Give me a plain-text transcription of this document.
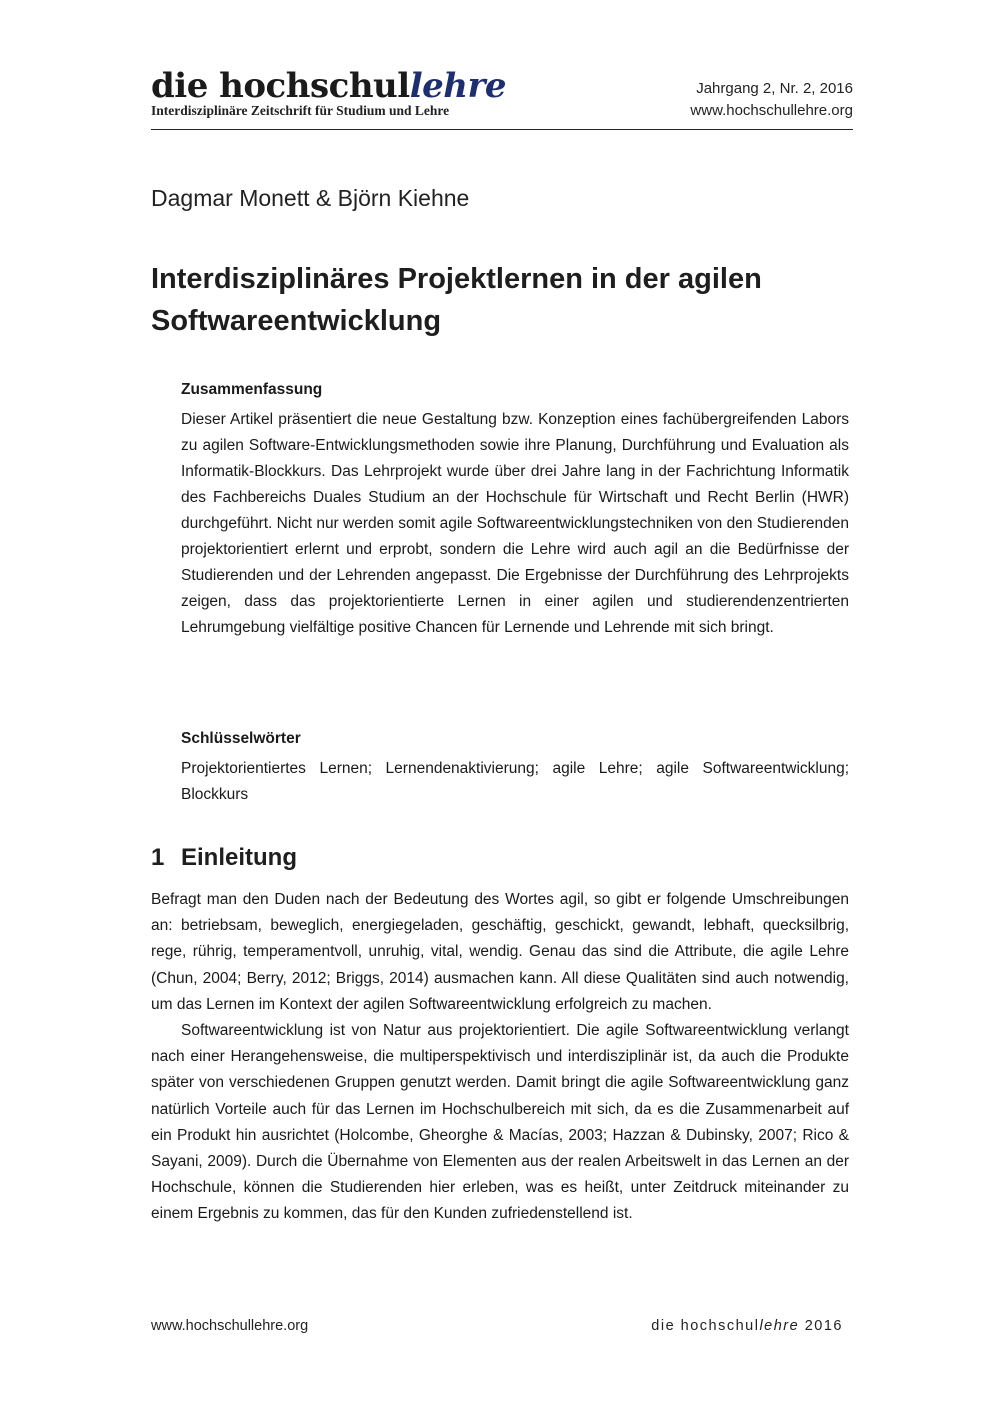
die hochschullehre
Interdisziplinäre Zeitschrift für Studium und Lehre
Jahrgang 2, Nr. 2, 2016
www.hochschullehre.org
Dagmar Monett & Björn Kiehne
Interdisziplinäres Projektlernen in der agilen Softwareentwicklung
Zusammenfassung

Dieser Artikel präsentiert die neue Gestaltung bzw. Konzeption eines fachübergreifenden Labors zu agilen Software-Entwicklungsmethoden sowie ihre Planung, Durchführung und Evaluation als Informatik-Blockkurs. Das Lehrprojekt wurde über drei Jahre lang in der Fachrichtung Informatik des Fachbereichs Duales Studium an der Hochschule für Wirtschaft und Recht Berlin (HWR) durchgeführt. Nicht nur werden somit agile Softwareentwicklungstechniken von den Studierenden projektorientiert erlernt und erprobt, sondern die Lehre wird auch agil an die Bedürfnisse der Studierenden und der Lehrenden angepasst. Die Ergebnisse der Durchführung des Lehrprojekts zeigen, dass das projektorientierte Lernen in einer agilen und studierendenzentrierten Lehrumgebung vielfältige positive Chancen für Lernende und Lehrende mit sich bringt.

Schlüsselwörter

Projektorientiertes Lernen; Lernendenaktivierung; agile Lehre; agile Softwareentwicklung; Blockkurs

1 Einleitung

Befragt man den Duden nach der Bedeutung des Wortes agil, so gibt er folgende Umschreibungen an: betriebsam, beweglich, energiegeladen, geschäftig, geschickt, gewandt, lebhaft, quecksilbrig, rege, rührig, temperamentvoll, unruhig, vital, wendig. Genau das sind die Attribute, die agile Lehre (Chun, 2004; Berry, 2012; Briggs, 2014) ausmachen kann. All diese Qualitäten sind auch notwendig, um das Lernen im Kontext der agilen Softwareentwicklung erfolgreich zu machen.

Softwareentwicklung ist von Natur aus projektorientiert. Die agile Softwareentwicklung verlangt nach einer Herangehensweise, die multiperspektivisch und interdisziplinär ist, da auch die Produkte später von verschiedenen Gruppen genutzt werden. Damit bringt die agile Softwareentwicklung ganz natürlich Vorteile auch für das Lernen im Hochschulbereich mit sich, da es die Zusammenarbeit auf ein Produkt hin ausrichtet (Holcombe, Gheorghe & Macías, 2003; Hazzan & Dubinsky, 2007; Rico & Sayani, 2009). Durch die Übernahme von Elementen aus der realen Arbeitswelt in das Lernen an der Hochschule, können die Studierenden hier erleben, was es heißt, unter Zeitdruck miteinander zu einem Ergebnis zu kommen, das für den Kunden zufriedenstellend ist.

www.hochschullehre.org	die hochschullehre 2016
